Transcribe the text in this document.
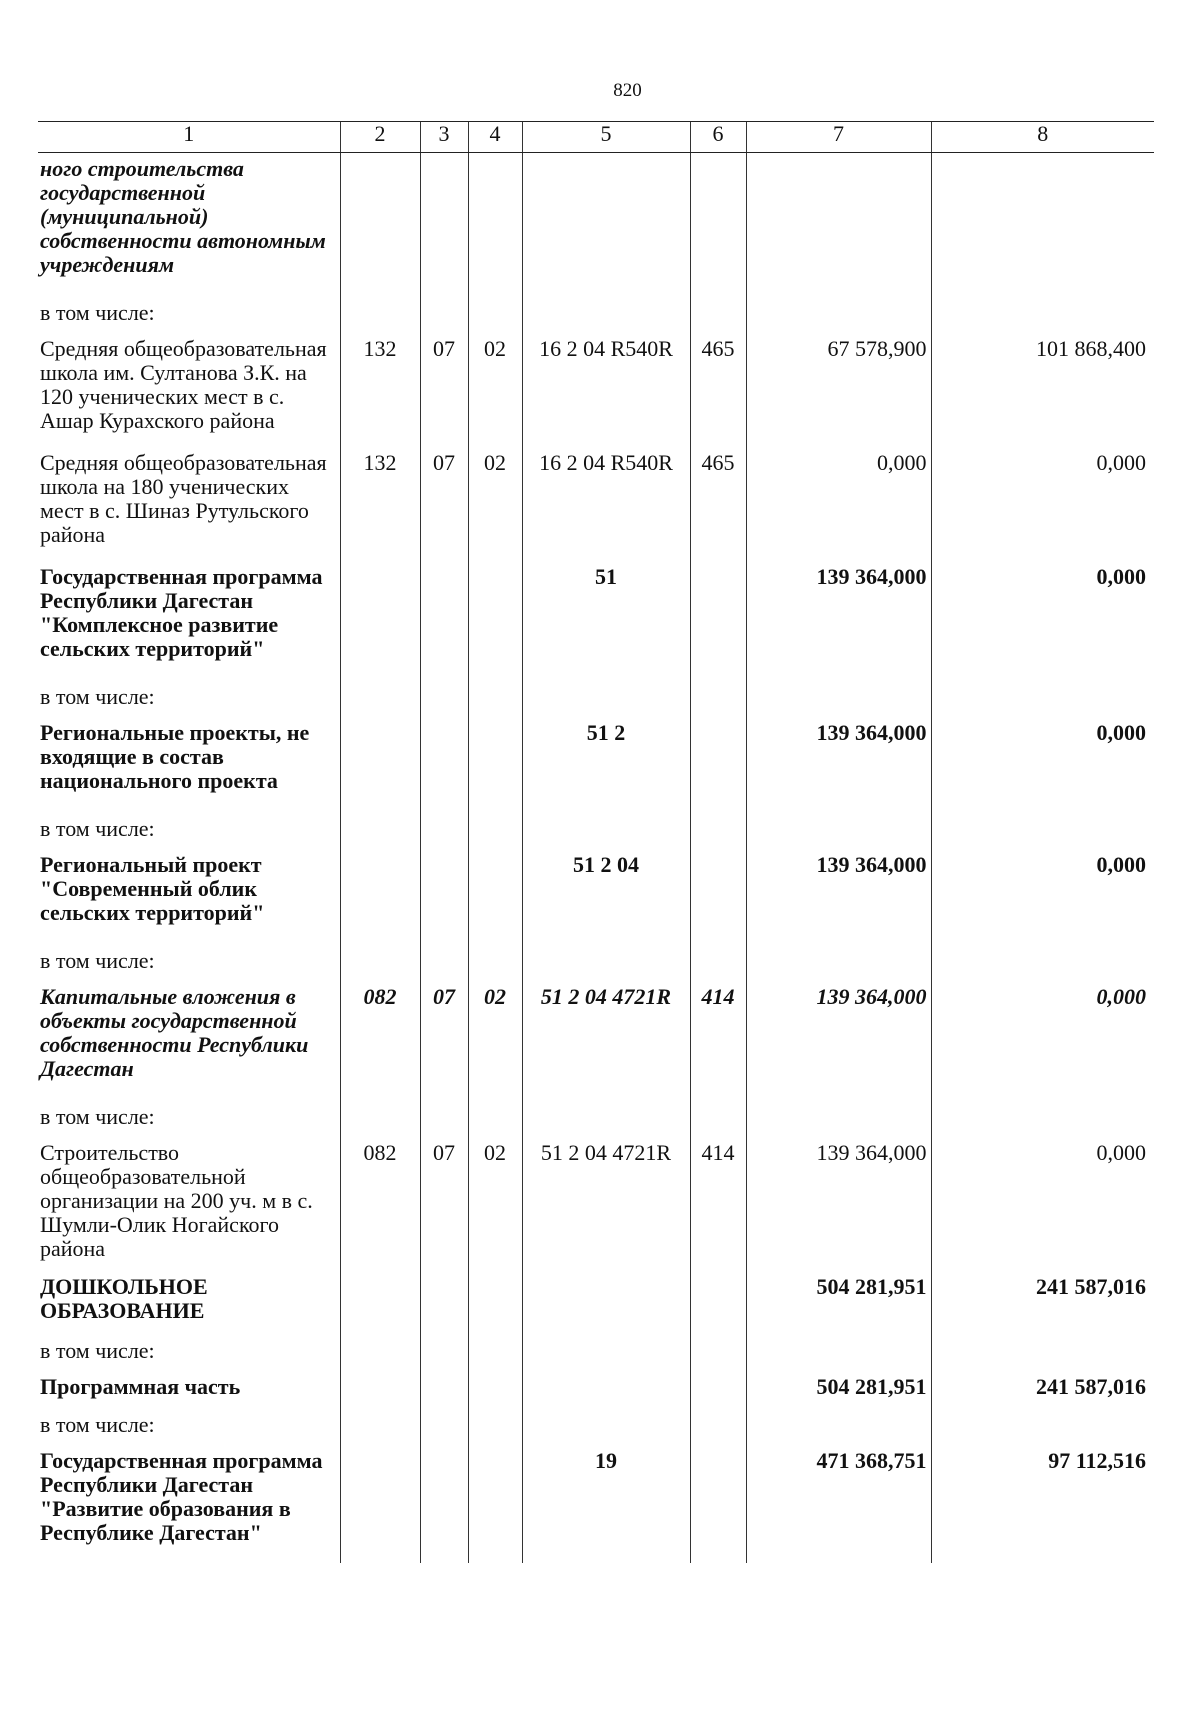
820
1	2	3	4	5	6	7	8
ного строительства государственной (муниципальной) собственности автономным учреждениям							
в том числе:							
Средняя общеобразовательная школа им. Султанова З.К. на 120 ученических мест в с. Ашар Курахского района	132	07	02	16 2 04 R540R	465	67 578,900	101 868,400
Средняя общеобразовательная школа на 180 ученических мест в с. Шиназ Рутульского района	132	07	02	16 2 04 R540R	465	0,000	0,000
Государственная программа Республики Дагестан "Комплексное развитие сельских территорий"				51		139 364,000	0,000
в том числе:							
Региональные проекты, не входящие в состав национального проекта				51 2		139 364,000	0,000
в том числе:							
Региональный проект "Современный облик сельских территорий"				51 2 04		139 364,000	0,000
в том числе:							
Капитальные вложения в объекты государственной собственности Республики Дагестан	082	07	02	51 2 04 4721R	414	139 364,000	0,000
в том числе:							
Строительство общеобразовательной организации на 200 уч. м в с. Шумли-Олик Ногайского района	082	07	02	51 2 04 4721R	414	139 364,000	0,000
ДОШКОЛЬНОЕ ОБРАЗОВАНИЕ						504 281,951	241 587,016
в том числе:							
Программная часть						504 281,951	241 587,016
в том числе:							
Государственная программа Республики Дагестан "Развитие образования в Республике Дагестан"				19		471 368,751	97 112,516
